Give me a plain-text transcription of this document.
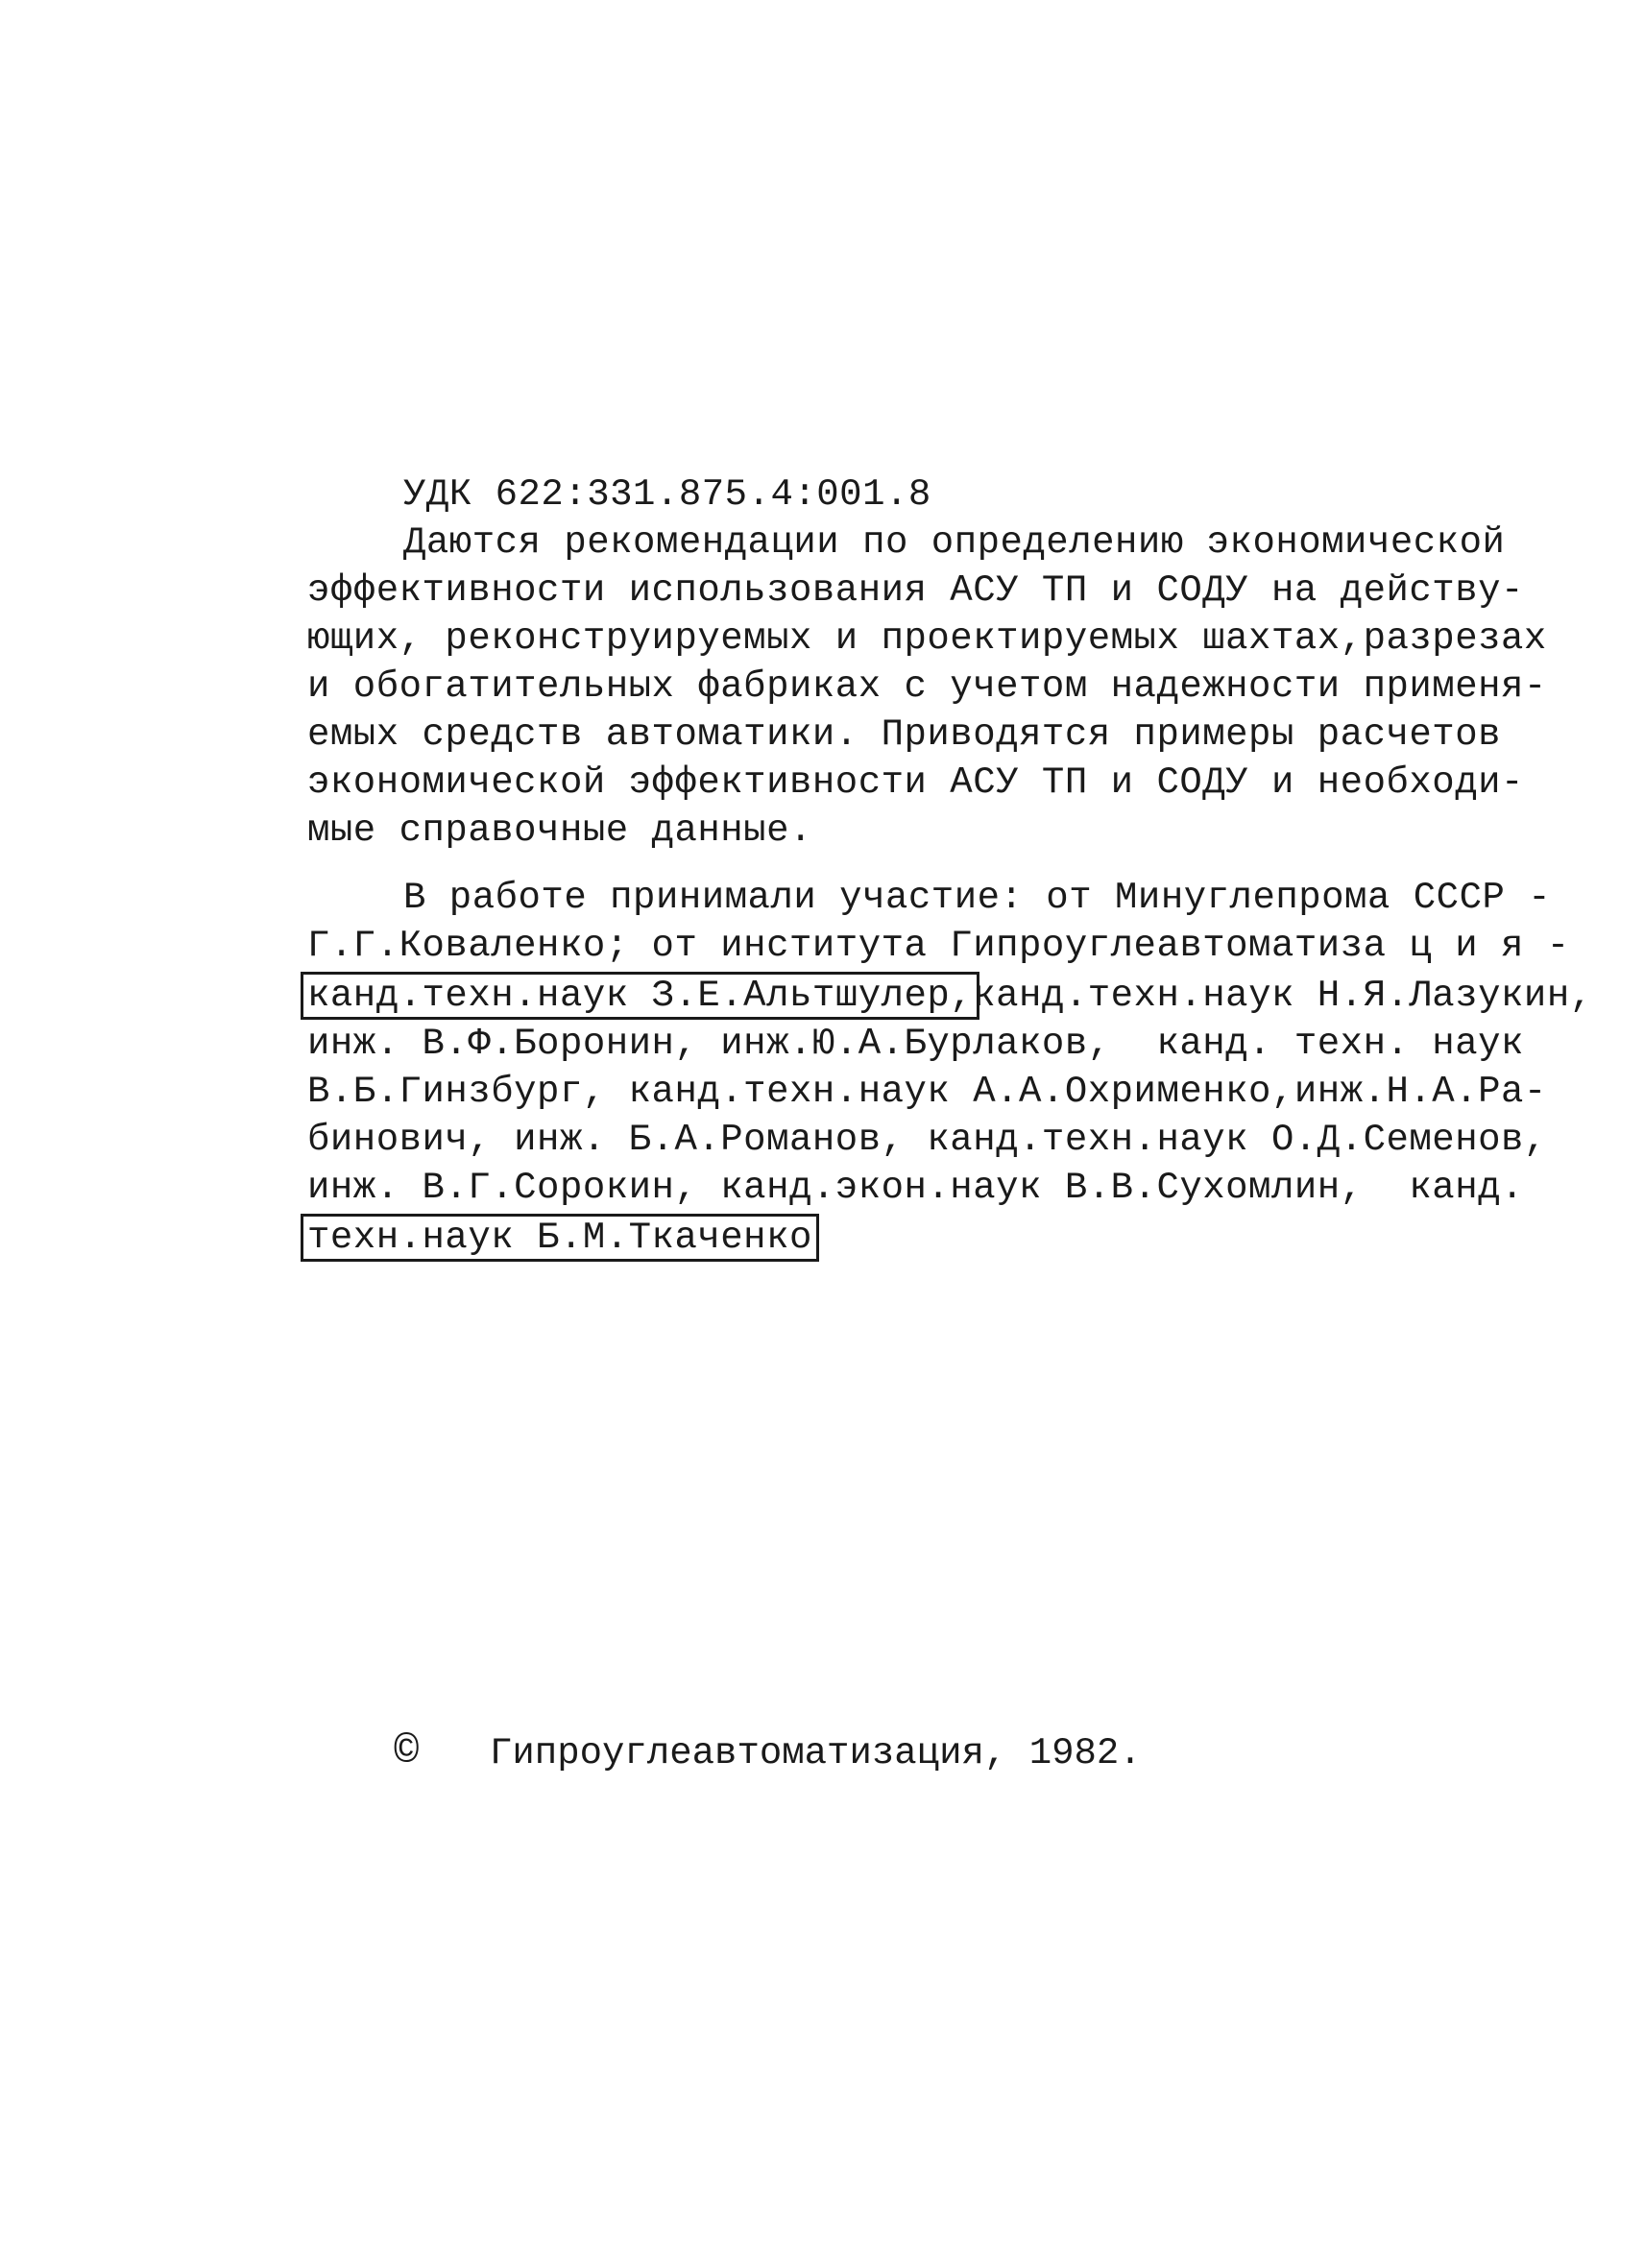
УДК 622:331.875.4:001.8
Даются рекомендации по определению экономической
эффективности использования АСУ ТП и СОДУ на действу-
ющих, реконструируемых и проектируемых шахтах,разрезах
и обогатительных фабриках с учетом надежности применя-
емых средств автоматики. Приводятся примеры расчетов
экономической эффективности АСУ ТП и СОДУ и необходи-
мые справочные данные.
В работе принимали участие: от Минуглепрома СССР -
Г.Г.Коваленко; от института Гипроуглеавтоматиза ц и я -
канд.техн.наук З.Е.Альтшулер,канд.техн.наук Н.Я.Лазукин,
инж. В.Ф.Боронин, инж.Ю.А.Бурлаков,  канд. техн. наук
В.Б.Гинзбург, канд.техн.наук А.А.Охрименко,инж.Н.А.Ра-
бинович, инж. Б.А.Романов, канд.техн.наук О.Д.Семенов,
инж. В.Г.Сорокин, канд.экон.наук В.В.Сухомлин,  канд.
техн.наук Б.М.Ткаченко
© Гипроуглеавтоматизация, 1982.
